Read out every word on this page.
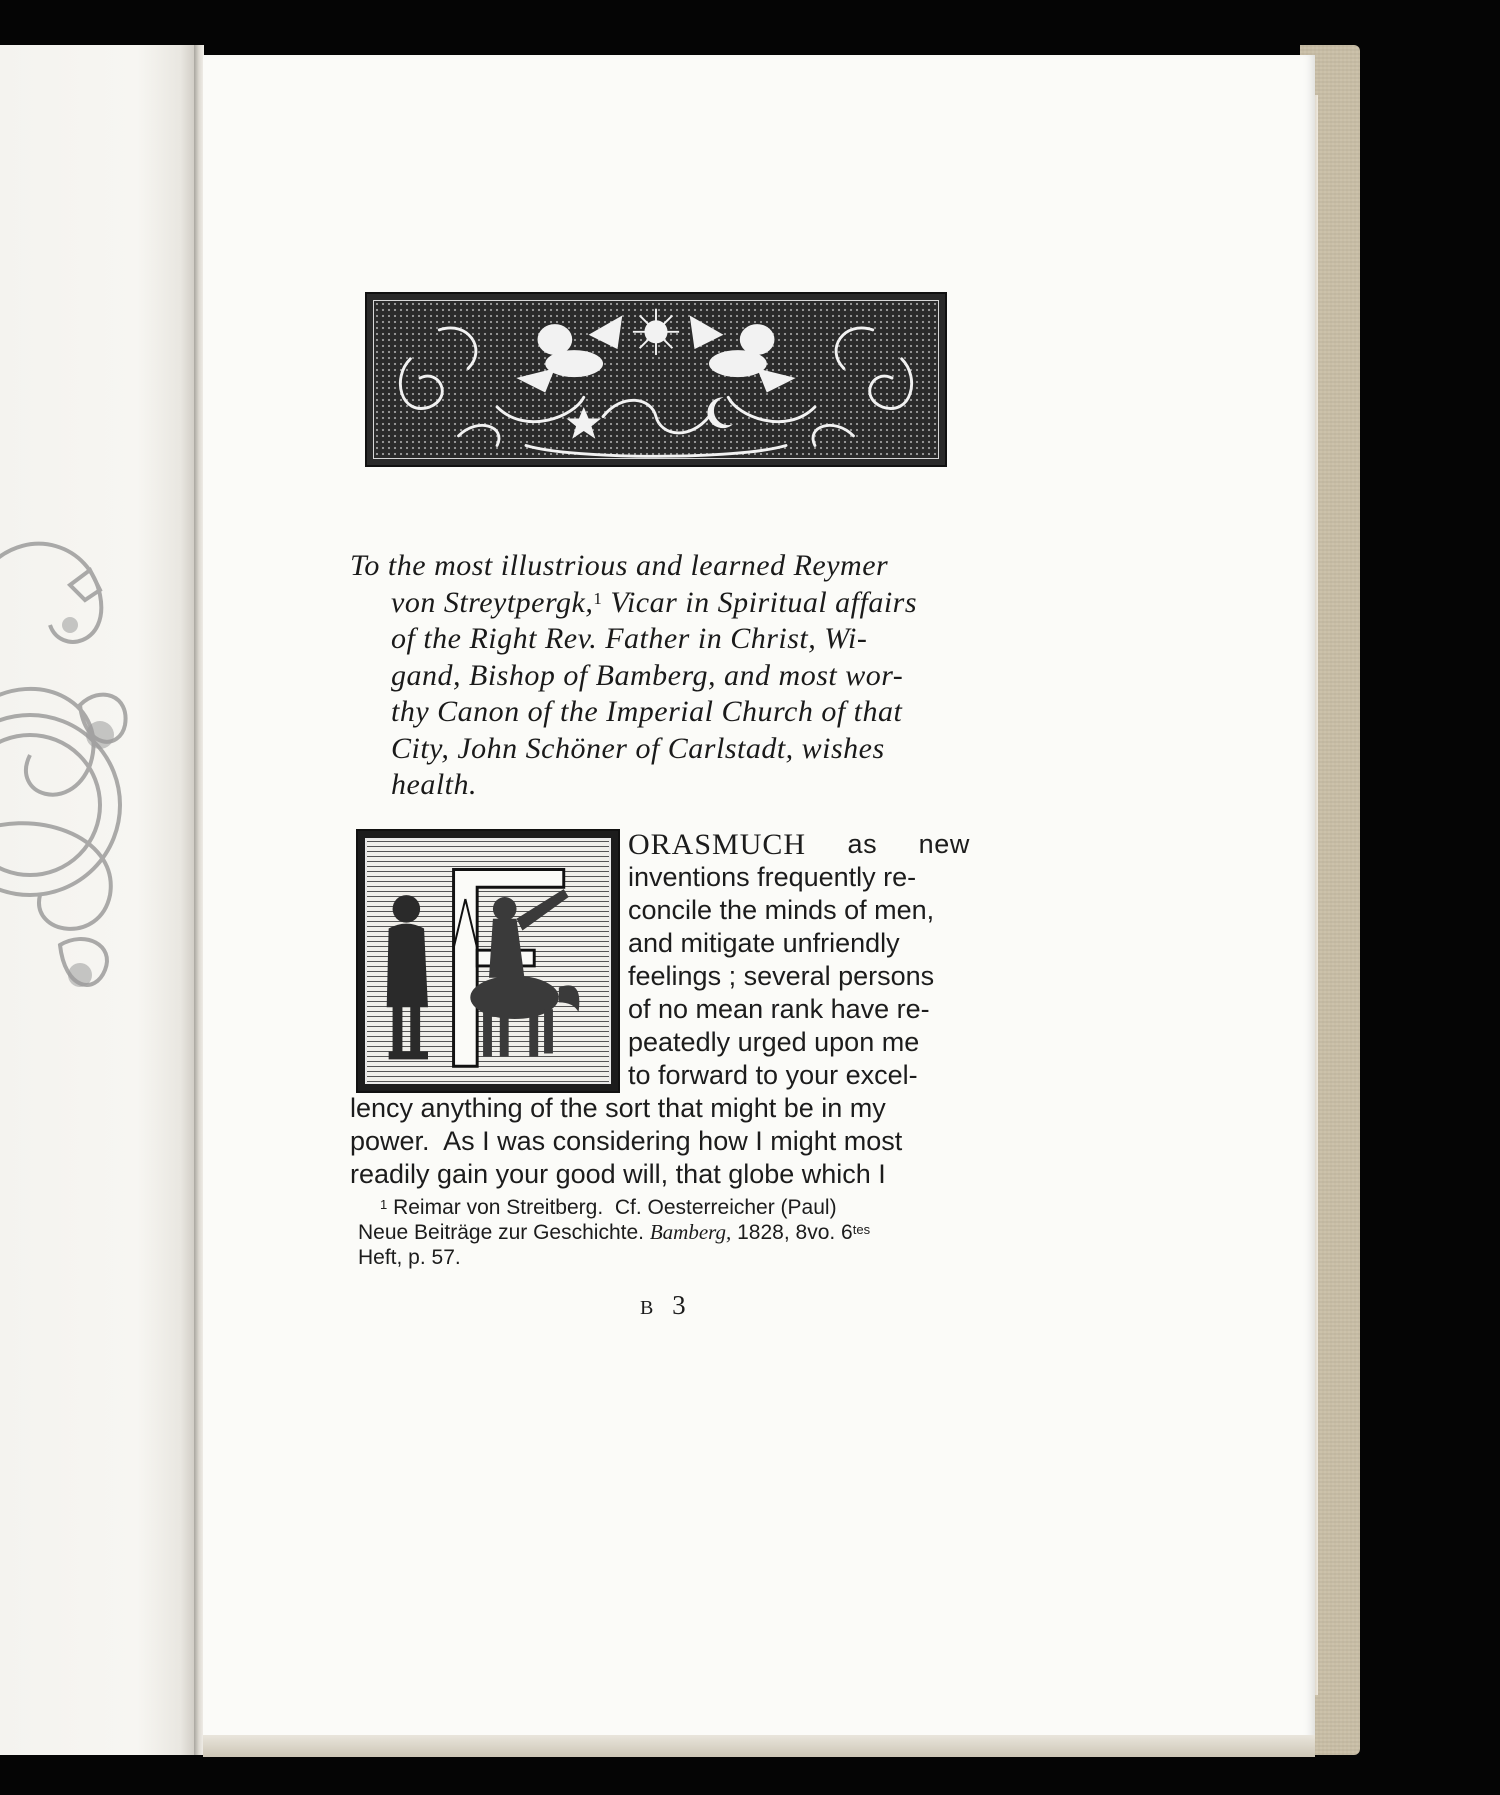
To the most illustrious and learned Reymer
von Streytpergk,$^1$ Vicar in Spiritual affairs
of the Right Rev. Father in Christ, Wi-
gand, Bishop of Bamberg, and most wor-
thy Canon of the Imperial Church of that
City, John Schöner of Carlstadt, wishes
health.
ORASMUCH as new
inventions frequently re-
concile the minds of men,
and mitigate unfriendly
feelings ; several persons
of no mean rank have re-
peatedly urged upon me
to forward to your excel-
lency anything of the sort that might be in my
power.  As I was considering how I might most
readily gain your good will, that globe which I
$^1$ Reimar von Streitberg.  Cf. Oesterreicher (Paul)
Neue Beiträge zur Geschichte. Bamberg, 1828, 8vo. $6^{tes}$
Heft, p. 57.
B 3
